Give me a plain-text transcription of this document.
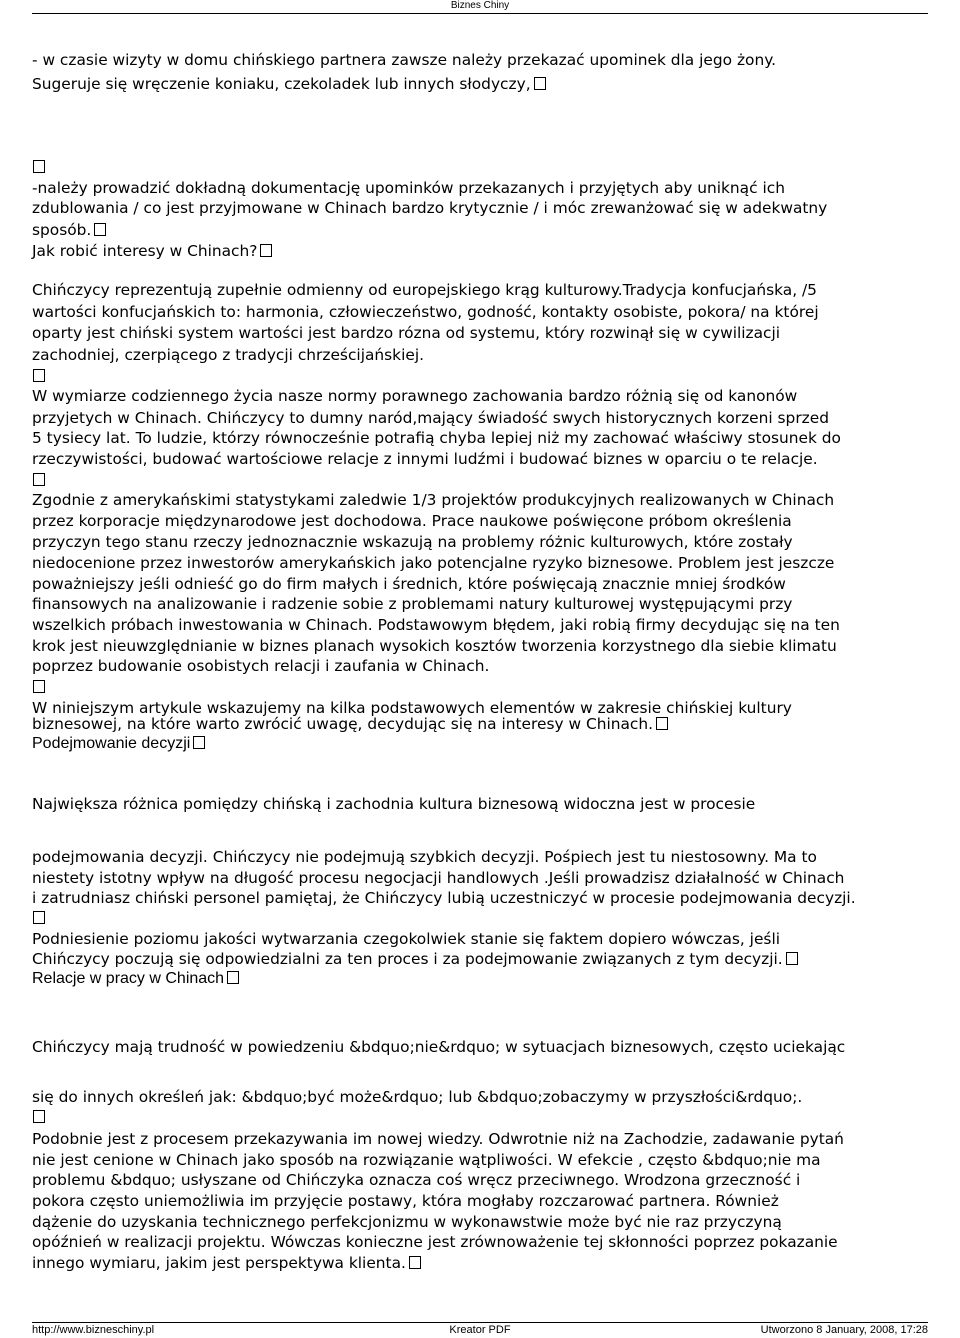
Biznes Chiny
- w czasie wizyty w domu chińskiego partnera zawsze należy przekazać upominek dla jego żony.
Sugeruje się wręczenie koniaku, czekoladek lub innych słodyczy,
-należy prowadzić dokładną dokumentację upominków przekazanych i przyjętych aby uniknąć ich
zdublowania / co jest przyjmowane w Chinach bardzo krytycznie / i móc zrewanżować się w adekwatny
sposób.
Jak robić interesy w Chinach?
Chińczycy reprezentują zupełnie odmienny od europejskiego krąg kulturowy.Tradycja konfucjańska, /5
wartości konfucjańskich to: harmonia, człowieczeństwo, godność, kontakty osobiste, pokora/ na której
oparty jest chiński system wartości jest bardzo rózna od systemu, który rozwinął się w cywilizacji
zachodniej, czerpiącego z tradycji chrześcijańskiej.
W wymiarze codziennego życia nasze normy porawnego zachowania bardzo różnią się od kanonów
przyjetych w Chinach. Chińczycy to dumny naród,mający świadość swych historycznych korzeni sprzed
5 tysiecy lat. To ludzie, którzy równocześnie potrafią chyba lepiej niż my zachować właściwy stosunek do
rzeczywistości, budować wartościowe relacje z innymi ludźmi i budować biznes w oparciu o te relacje.
Zgodnie z amerykańskimi statystykami zaledwie 1/3 projektów produkcyjnych realizowanych w Chinach
przez korporacje międzynarodowe jest dochodowa. Prace naukowe poświęcone próbom określenia
przyczyn tego stanu rzeczy jednoznacznie wskazują na problemy różnic kulturowych, które zostały
niedocenione przez inwestorów amerykańskich jako potencjalne ryzyko biznesowe. Problem jest jeszcze
poważniejszy jeśli odnieść go do firm małych i średnich, które poświęcają znacznie mniej środków
finansowych na analizowanie i radzenie sobie z problemami natury kulturowej występującymi przy
wszelkich próbach inwestowania w Chinach. Podstawowym błędem, jaki robią firmy decydując się na ten
krok jest nieuwzględnianie w biznes planach wysokich kosztów tworzenia korzystnego dla siebie klimatu
poprzez budowanie osobistych relacji i zaufania w Chinach.
W niniejszym artykule wskazujemy na kilka podstawowych elementów w zakresie chińskiej kultury
biznesowej, na które warto zwrócić uwagę, decydując się na interesy w Chinach.
Podejmowanie decyzji
Największa różnica pomiędzy chińską i zachodnia kultura biznesową widoczna jest w procesie
podejmowania decyzji. Chińczycy nie podejmują szybkich decyzji. Pośpiech jest tu niestosowny. Ma to
niestety istotny wpływ na długość procesu negocjacji handlowych .Jeśli prowadzisz działalność w Chinach
i zatrudniasz chiński personel pamiętaj, że Chińczycy lubią uczestniczyć w procesie podejmowania decyzji.
Podniesienie poziomu jakości wytwarzania czegokolwiek stanie się faktem dopiero wówczas, jeśli
Chińczycy poczują się odpowiedzialni za ten proces i za podejmowanie związanych z tym decyzji.
Relacje w pracy w Chinach
Chińczycy mają trudność w powiedzeniu &bdquo;nie&rdquo; w sytuacjach biznesowych, często uciekając
się do innych określeń jak: &bdquo;być może&rdquo; lub &bdquo;zobaczymy w przyszłości&rdquo;.
Podobnie jest z procesem przekazywania im nowej wiedzy. Odwrotnie niż na Zachodzie, zadawanie pytań
nie jest cenione w Chinach jako sposób na rozwiązanie wątpliwości. W efekcie , często &bdquo;nie ma
problemu &bdquo; usłyszane od Chińczyka oznacza coś wręcz przeciwnego. Wrodzona grzeczność i
pokora często uniemożliwia im przyjęcie postawy, która mogłaby rozczarować partnera. Również
dążenie do uzyskania technicznego perfekcjonizmu w wykonawstwie może być nie raz przyczyną
opóźnień w realizacji projektu. Wówczas konieczne jest zrównoważenie tej skłonności poprzez pokazanie
innego wymiaru, jakim jest perspektywa klienta.
http://www.bizneschiny.pl	Kreator PDF	Utworzono 8 January, 2008, 17:28
